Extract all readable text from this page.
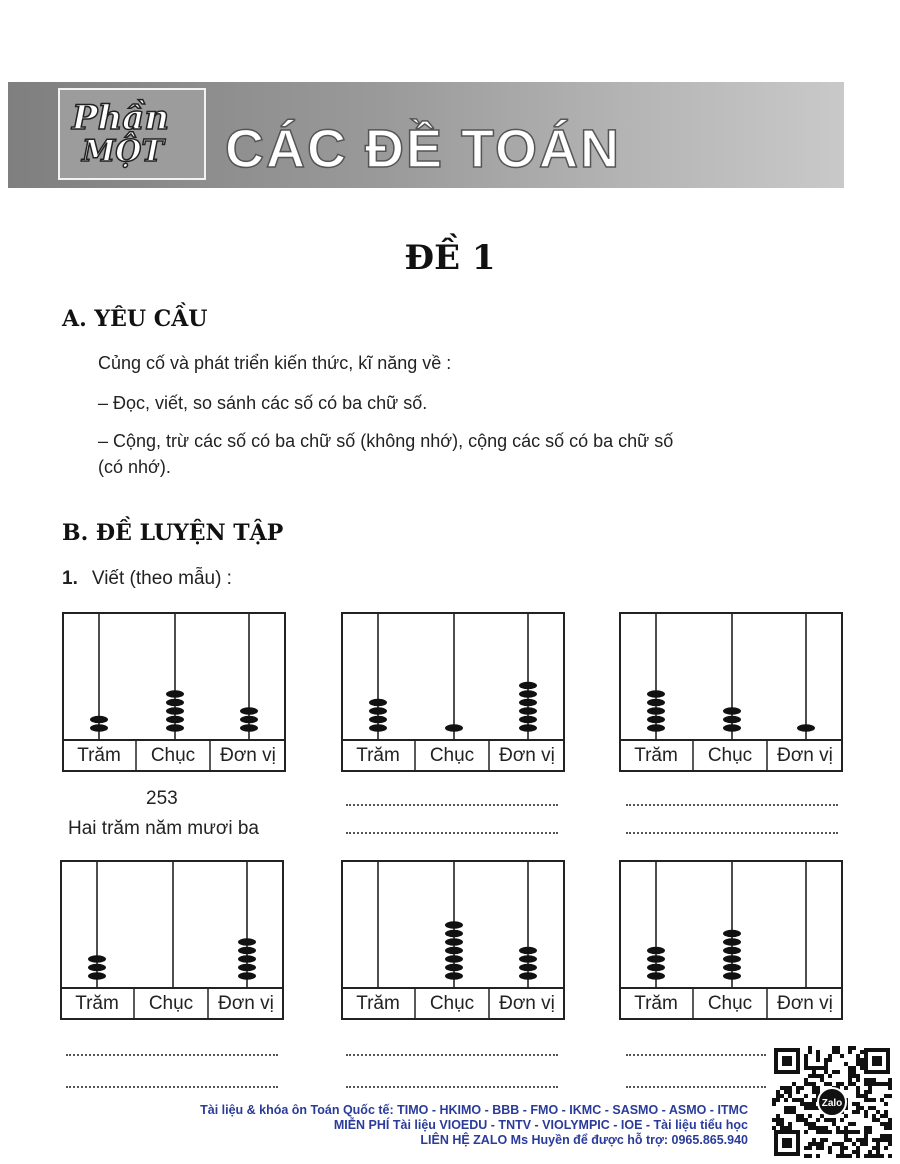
Phần
MỘT CÁC ĐỀ TOÁN
ĐỀ 1
A. YÊU CẦU
Củng cố và phát triển kiến thức, kĩ năng về :
– Đọc, viết, so sánh các số có ba chữ số.
– Cộng, trừ các số có ba chữ số (không nhớ), cộng các số có ba chữ số
(có nhớ).
B. ĐỀ LUYỆN TẬP
1. Viết (theo mẫu) :
Trăm	Chục	Đơn vị	Trăm	Chục	Đơn vị	Trăm	Chục	Đơn vị
Trăm	Chục	Đơn vị	Trăm	Chục	Đơn vị	Trăm	Chục	Đơn vị
253
Hai trăm năm mươi ba
Tài liệu & khóa ôn Toán Quốc tế: TIMO - HKIMO - BBB - FMO - IKMC - SASMO - ASMO - ITMC
MIỄN PHÍ Tài liệu VIOEDU - TNTV - VIOLYMPIC - IOE - Tài liệu tiểu học
LIÊN HỆ ZALO Ms Huyền để được hỗ trợ: 0965.865.940
Zalo
